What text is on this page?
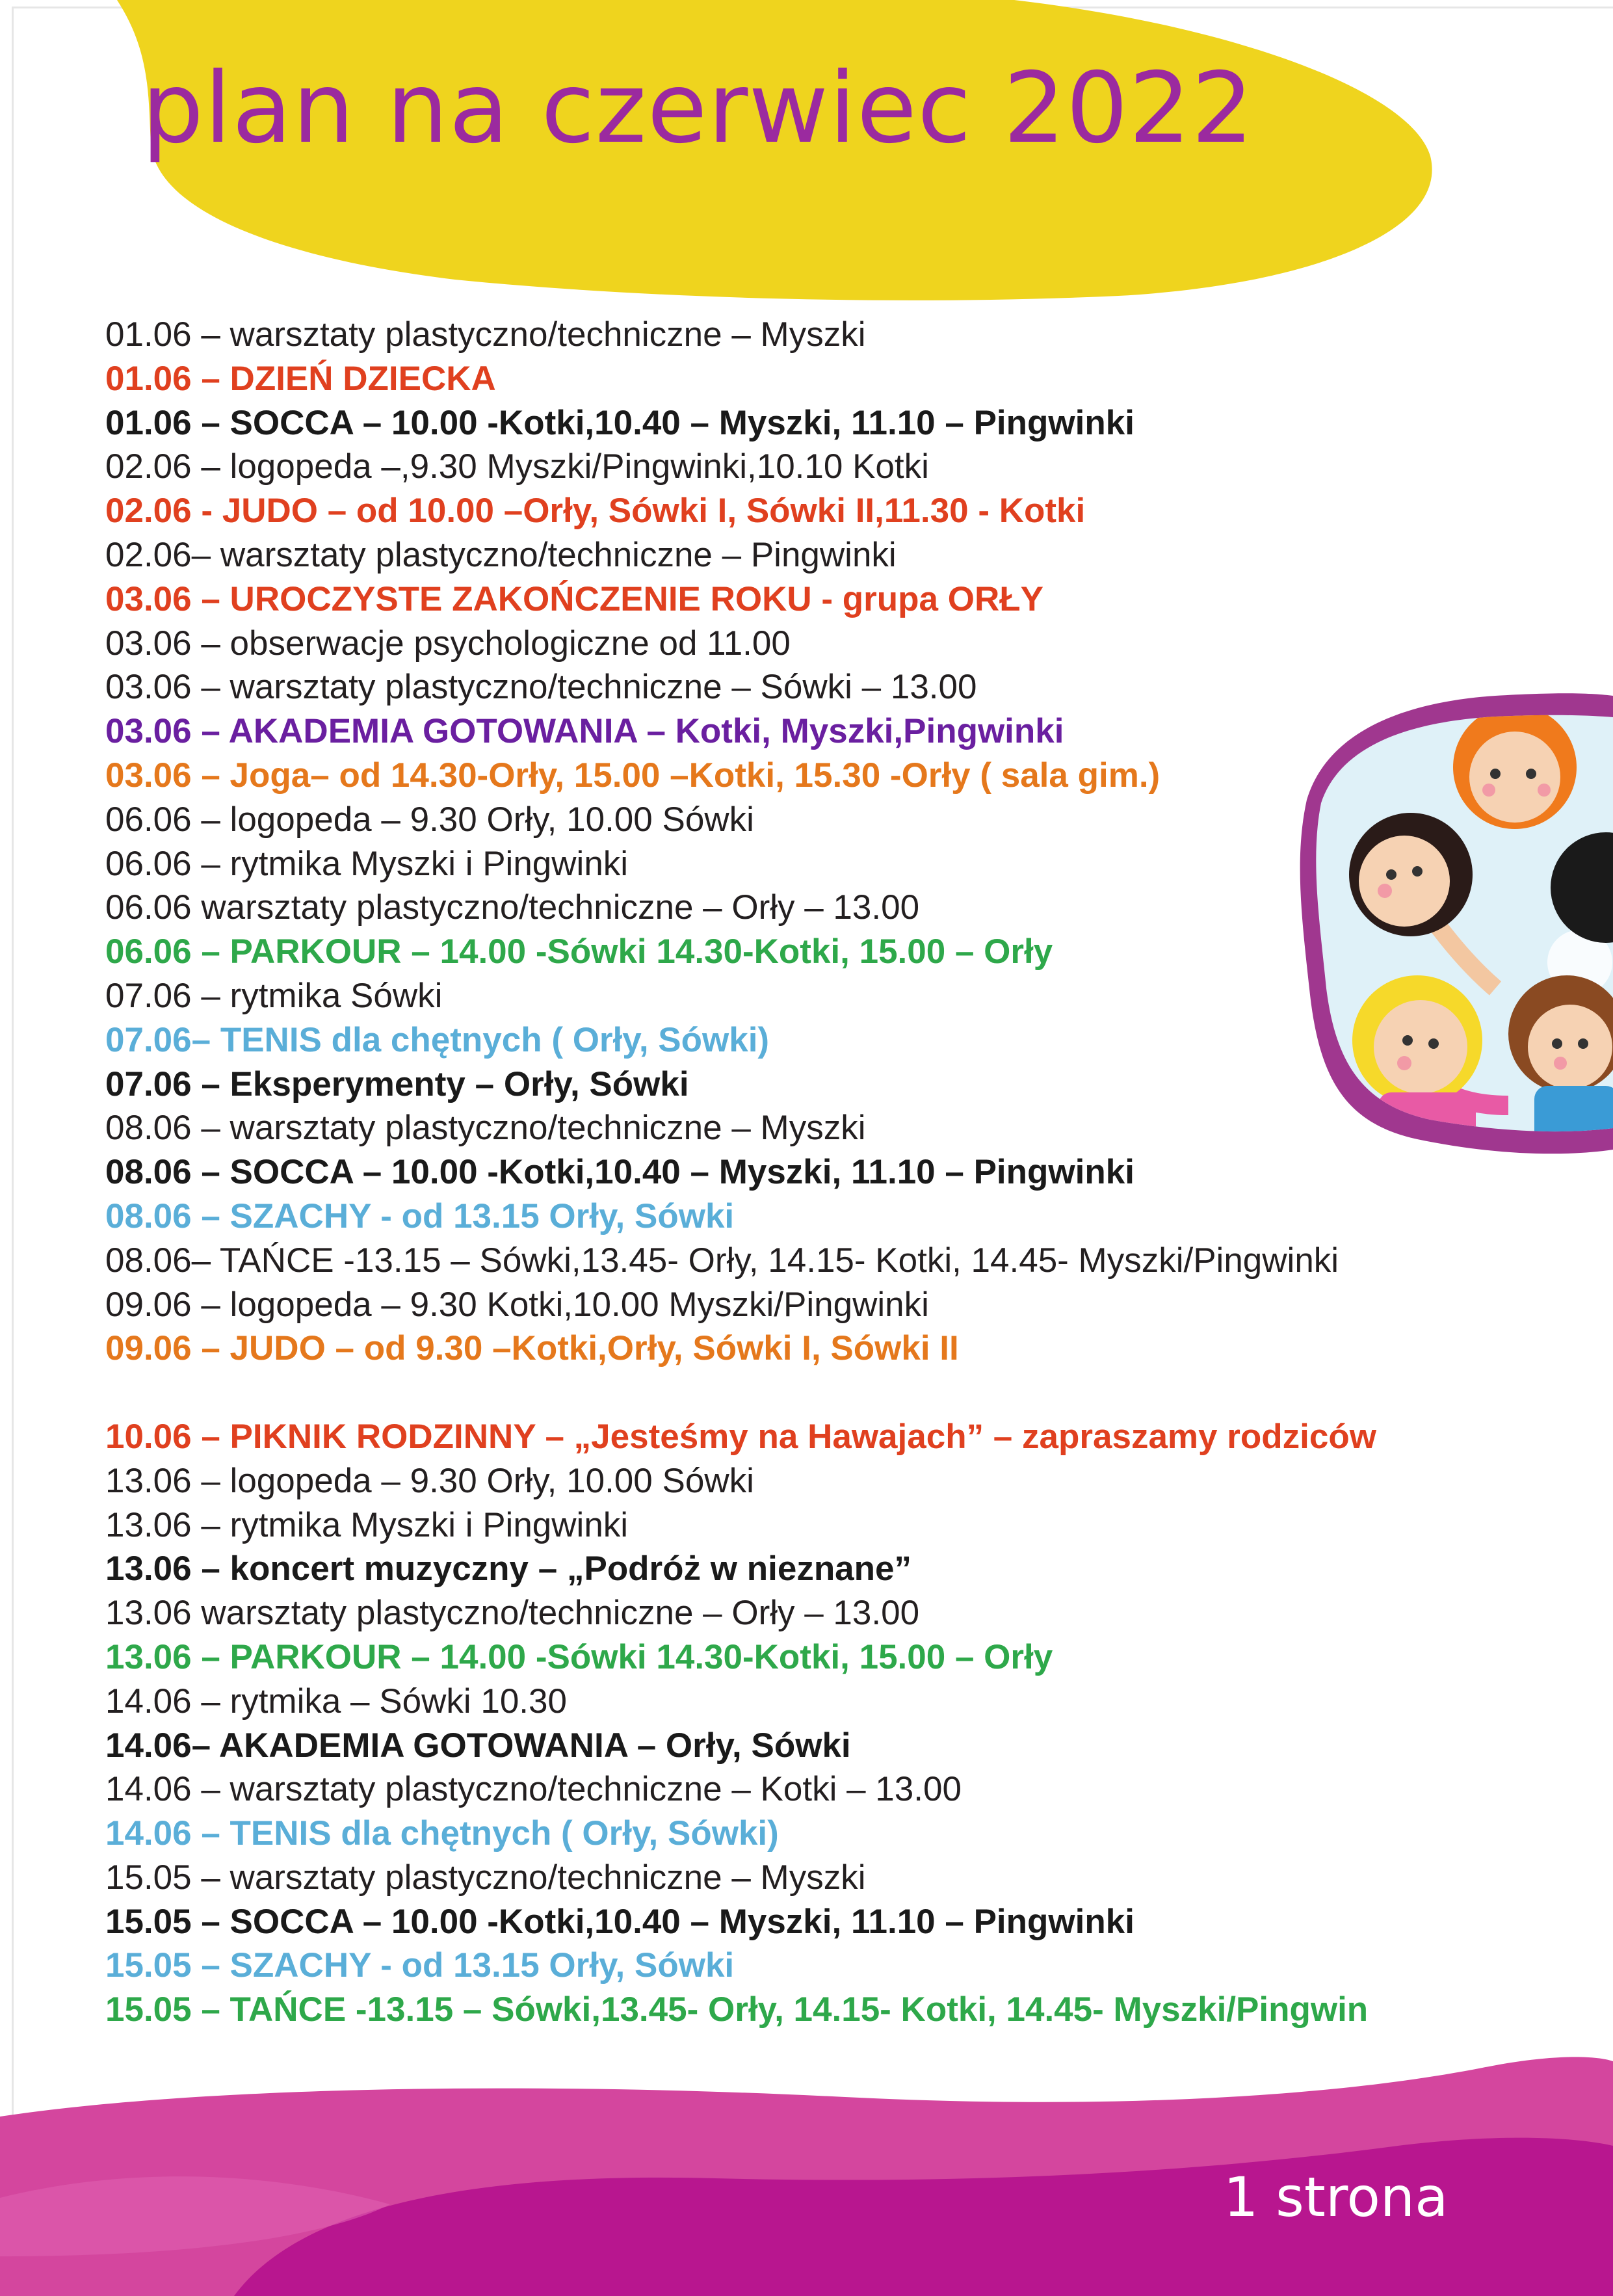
plan na czerwiec 2022
01.06 – warsztaty plastyczno/techniczne – Myszki
01.06 – DZIEŃ DZIECKA
01.06 – SOCCA – 10.00 -Kotki,10.40 – Myszki, 11.10 – Pingwinki
02.06 – logopeda –,9.30 Myszki/Pingwinki,10.10 Kotki
02.06 - JUDO – od 10.00 –Orły, Sówki I, Sówki II,11.30 - Kotki
02.06– warsztaty plastyczno/techniczne – Pingwinki
03.06 – UROCZYSTE ZAKOŃCZENIE ROKU - grupa ORŁY
03.06 – obserwacje psychologiczne od 11.00
03.06 – warsztaty plastyczno/techniczne – Sówki – 13.00
03.06 – AKADEMIA GOTOWANIA – Kotki, Myszki,Pingwinki
03.06 – Joga– od 14.30-Orły, 15.00 –Kotki, 15.30 -Orły ( sala gim.)
06.06 – logopeda – 9.30 Orły, 10.00 Sówki
06.06 – rytmika Myszki i Pingwinki
06.06 warsztaty plastyczno/techniczne – Orły – 13.00
06.06 – PARKOUR – 14.00 -Sówki 14.30-Kotki, 15.00 – Orły
07.06 – rytmika Sówki
07.06– TENIS dla chętnych ( Orły, Sówki)
07.06 – Eksperymenty – Orły, Sówki
08.06 – warsztaty plastyczno/techniczne – Myszki
08.06 – SOCCA – 10.00 -Kotki,10.40 – Myszki, 11.10 – Pingwinki
08.06 – SZACHY - od 13.15 Orły, Sówki
08.06– TAŃCE -13.15 – Sówki,13.45- Orły, 14.15- Kotki, 14.45- Myszki/Pingwinki
09.06 – logopeda – 9.30 Kotki,10.00 Myszki/Pingwinki
09.06 – JUDO – od 9.30 –Kotki,Orły, Sówki I, Sówki II
10.06 – PIKNIK RODZINNY – „Jesteśmy na Hawajach” – zapraszamy rodziców
13.06 – logopeda – 9.30 Orły, 10.00 Sówki
13.06 – rytmika Myszki i Pingwinki
13.06 – koncert muzyczny – „Podróż w nieznane”
13.06 warsztaty plastyczno/techniczne – Orły – 13.00
13.06 – PARKOUR – 14.00 -Sówki 14.30-Kotki, 15.00 – Orły
14.06 – rytmika – Sówki 10.30
14.06– AKADEMIA GOTOWANIA – Orły, Sówki
14.06 – warsztaty plastyczno/techniczne – Kotki – 13.00
14.06 – TENIS dla chętnych ( Orły, Sówki)
15.05 – warsztaty plastyczno/techniczne – Myszki
15.05 – SOCCA – 10.00 -Kotki,10.40 – Myszki, 11.10 – Pingwinki
15.05 – SZACHY - od 13.15 Orły, Sówki
15.05 – TAŃCE -13.15 – Sówki,13.45- Orły, 14.15- Kotki, 14.45- Myszki/Pingwin
1 strona
